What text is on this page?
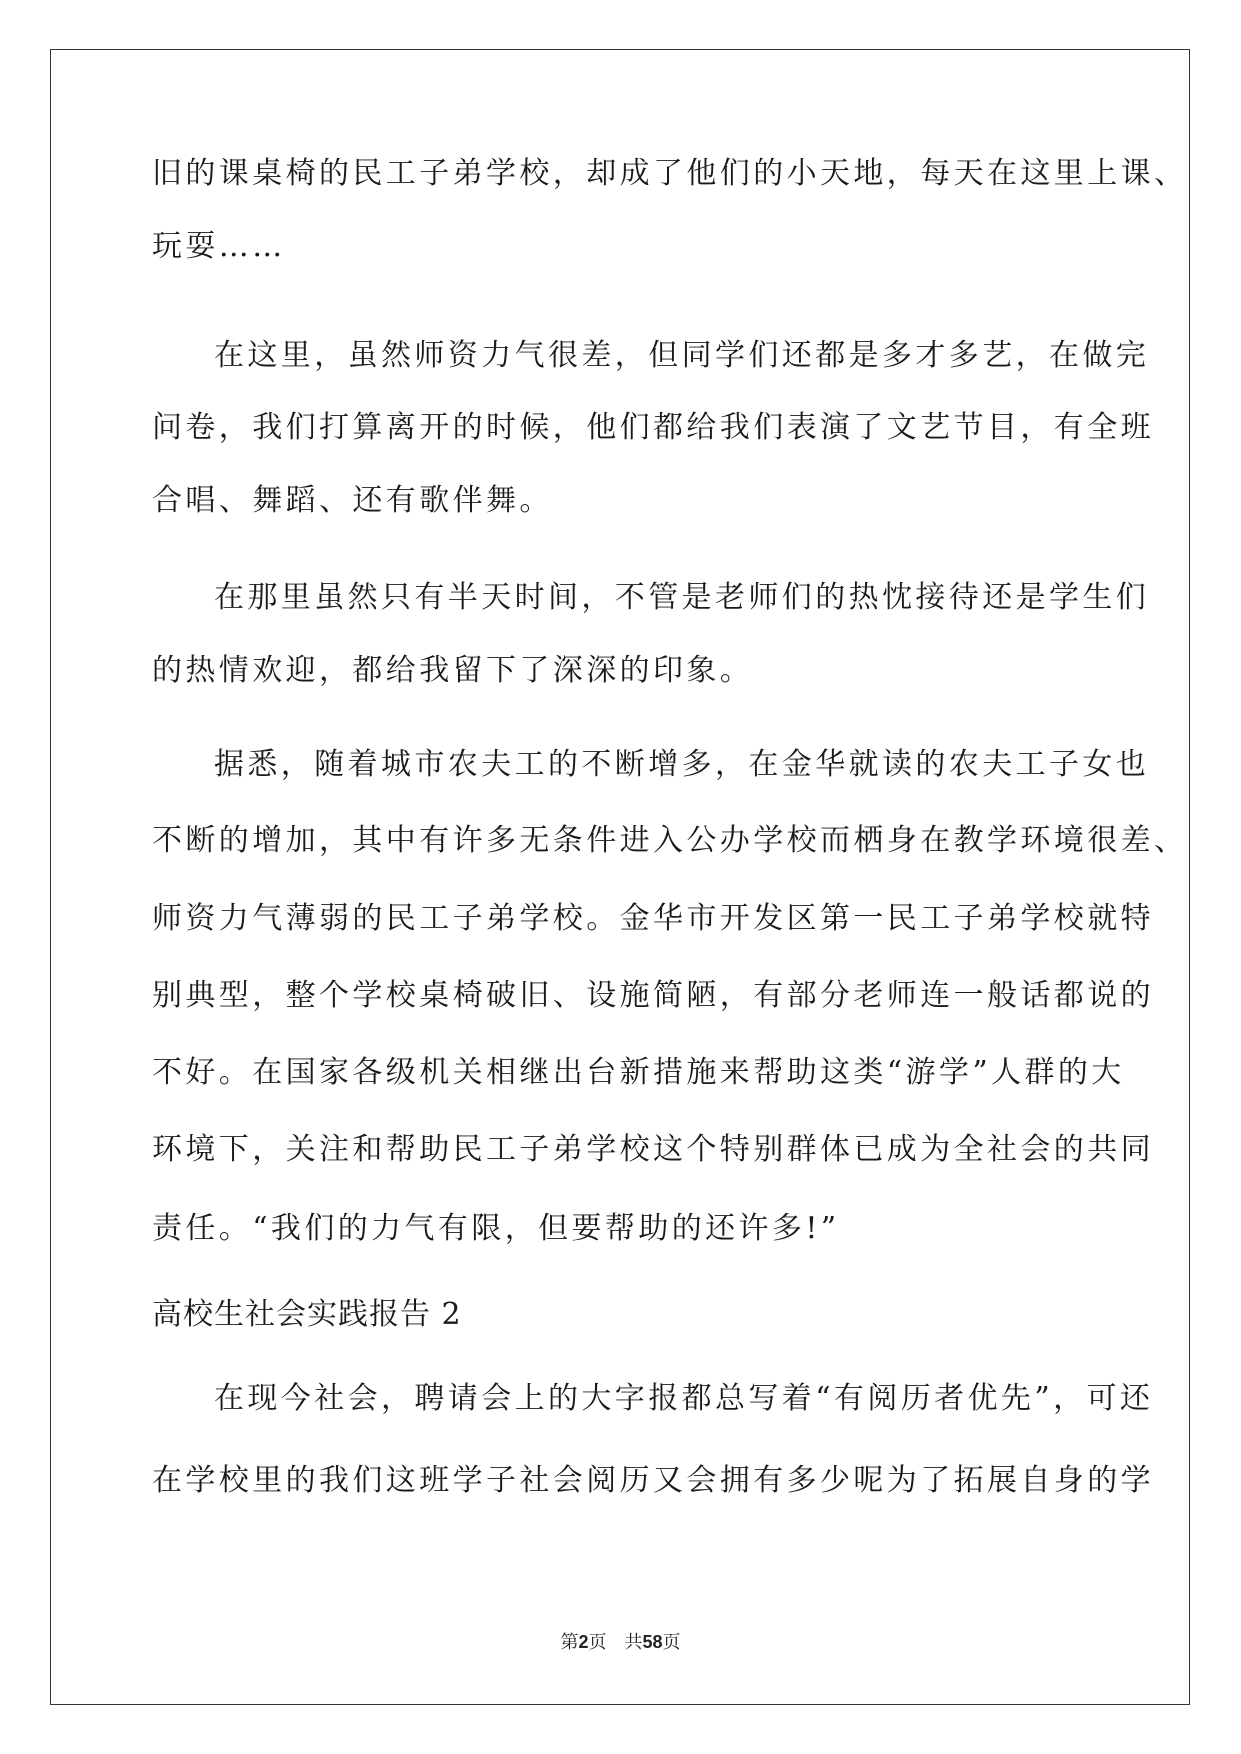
旧的课桌椅的民工子弟学校，却成了他们的小天地，每天在这里上课、
玩耍……
在这里，虽然师资力气很差，但同学们还都是多才多艺，在做完
问卷，我们打算离开的时候，他们都给我们表演了文艺节目，有全班
合唱、舞蹈、还有歌伴舞。
在那里虽然只有半天时间，不管是老师们的热忱接待还是学生们
的热情欢迎，都给我留下了深深的印象。
据悉，随着城市农夫工的不断增多，在金华就读的农夫工子女也
不断的增加，其中有许多无条件进入公办学校而栖身在教学环境很差、
师资力气薄弱的民工子弟学校。金华市开发区第一民工子弟学校就特
别典型，整个学校桌椅破旧、设施简陋，有部分老师连一般话都说的
不好。在国家各级机关相继出台新措施来帮助这类“游学”人群的大
环境下，关注和帮助民工子弟学校这个特别群体已成为全社会的共同
责任。“我们的力气有限，但要帮助的还许多!”
高校生社会实践报告 2
在现今社会，聘请会上的大字报都总写着“有阅历者优先”，可还
在学校里的我们这班学子社会阅历又会拥有多少呢为了拓展自身的学
第2页　共58页
